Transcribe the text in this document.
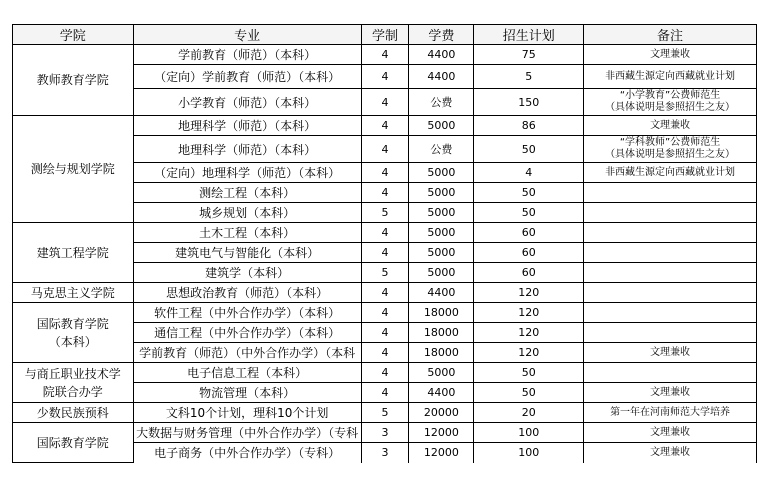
学院	专业	学制	学费	招生计划	备注
教师教育学院	学前教育（师范）（本科）	4	4400	75	文理兼收
	（定向）学前教育（师范）（本科）	4	4400	5	非西藏生源定向西藏就业计划
	小学教育（师范）（本科）	4	公费	150	“小学教育”公费师范生
（具体说明是参照招生之友）
测绘与规划学院	地理科学（师范）（本科）	4	5000	86	文理兼收
	地理科学（师范）（本科）	4	公费	50	“学科教师”公费师范生
（具体说明是参照招生之友）
	（定向）地理科学（师范）（本科）	4	5000	4	非西藏生源定向西藏就业计划
	测绘工程（本科）	4	5000	50	
	城乡规划（本科）	5	5000	50	
建筑工程学院	土木工程（本科）	4	5000	60	
	建筑电气与智能化（本科）	4	5000	60	
	建筑学（本科）	5	5000	60	
马克思主义学院	思想政治教育（师范）（本科）	4	4400	120	
国际教育学院
（本科）	软件工程（中外合作办学）（本科）	4	18000	120	
	通信工程（中外合作办学）（本科）	4	18000	120	
	学前教育（师范）（中外合作办学）（本科	4	18000	120	文理兼收
与商丘职业技术学
院联合办学	电子信息工程（本科）	4	5000	50	
	物流管理（本科）	4	4400	50	文理兼收
少数民族预科	文科10个计划，理科10个计划	5	20000	20	第一年在河南师范大学培养
国际教育学院	大数据与财务管理（中外合作办学）（专科	3	12000	100	文理兼收
	电子商务（中外合作办学）（专科）	3	12000	100	文理兼收
